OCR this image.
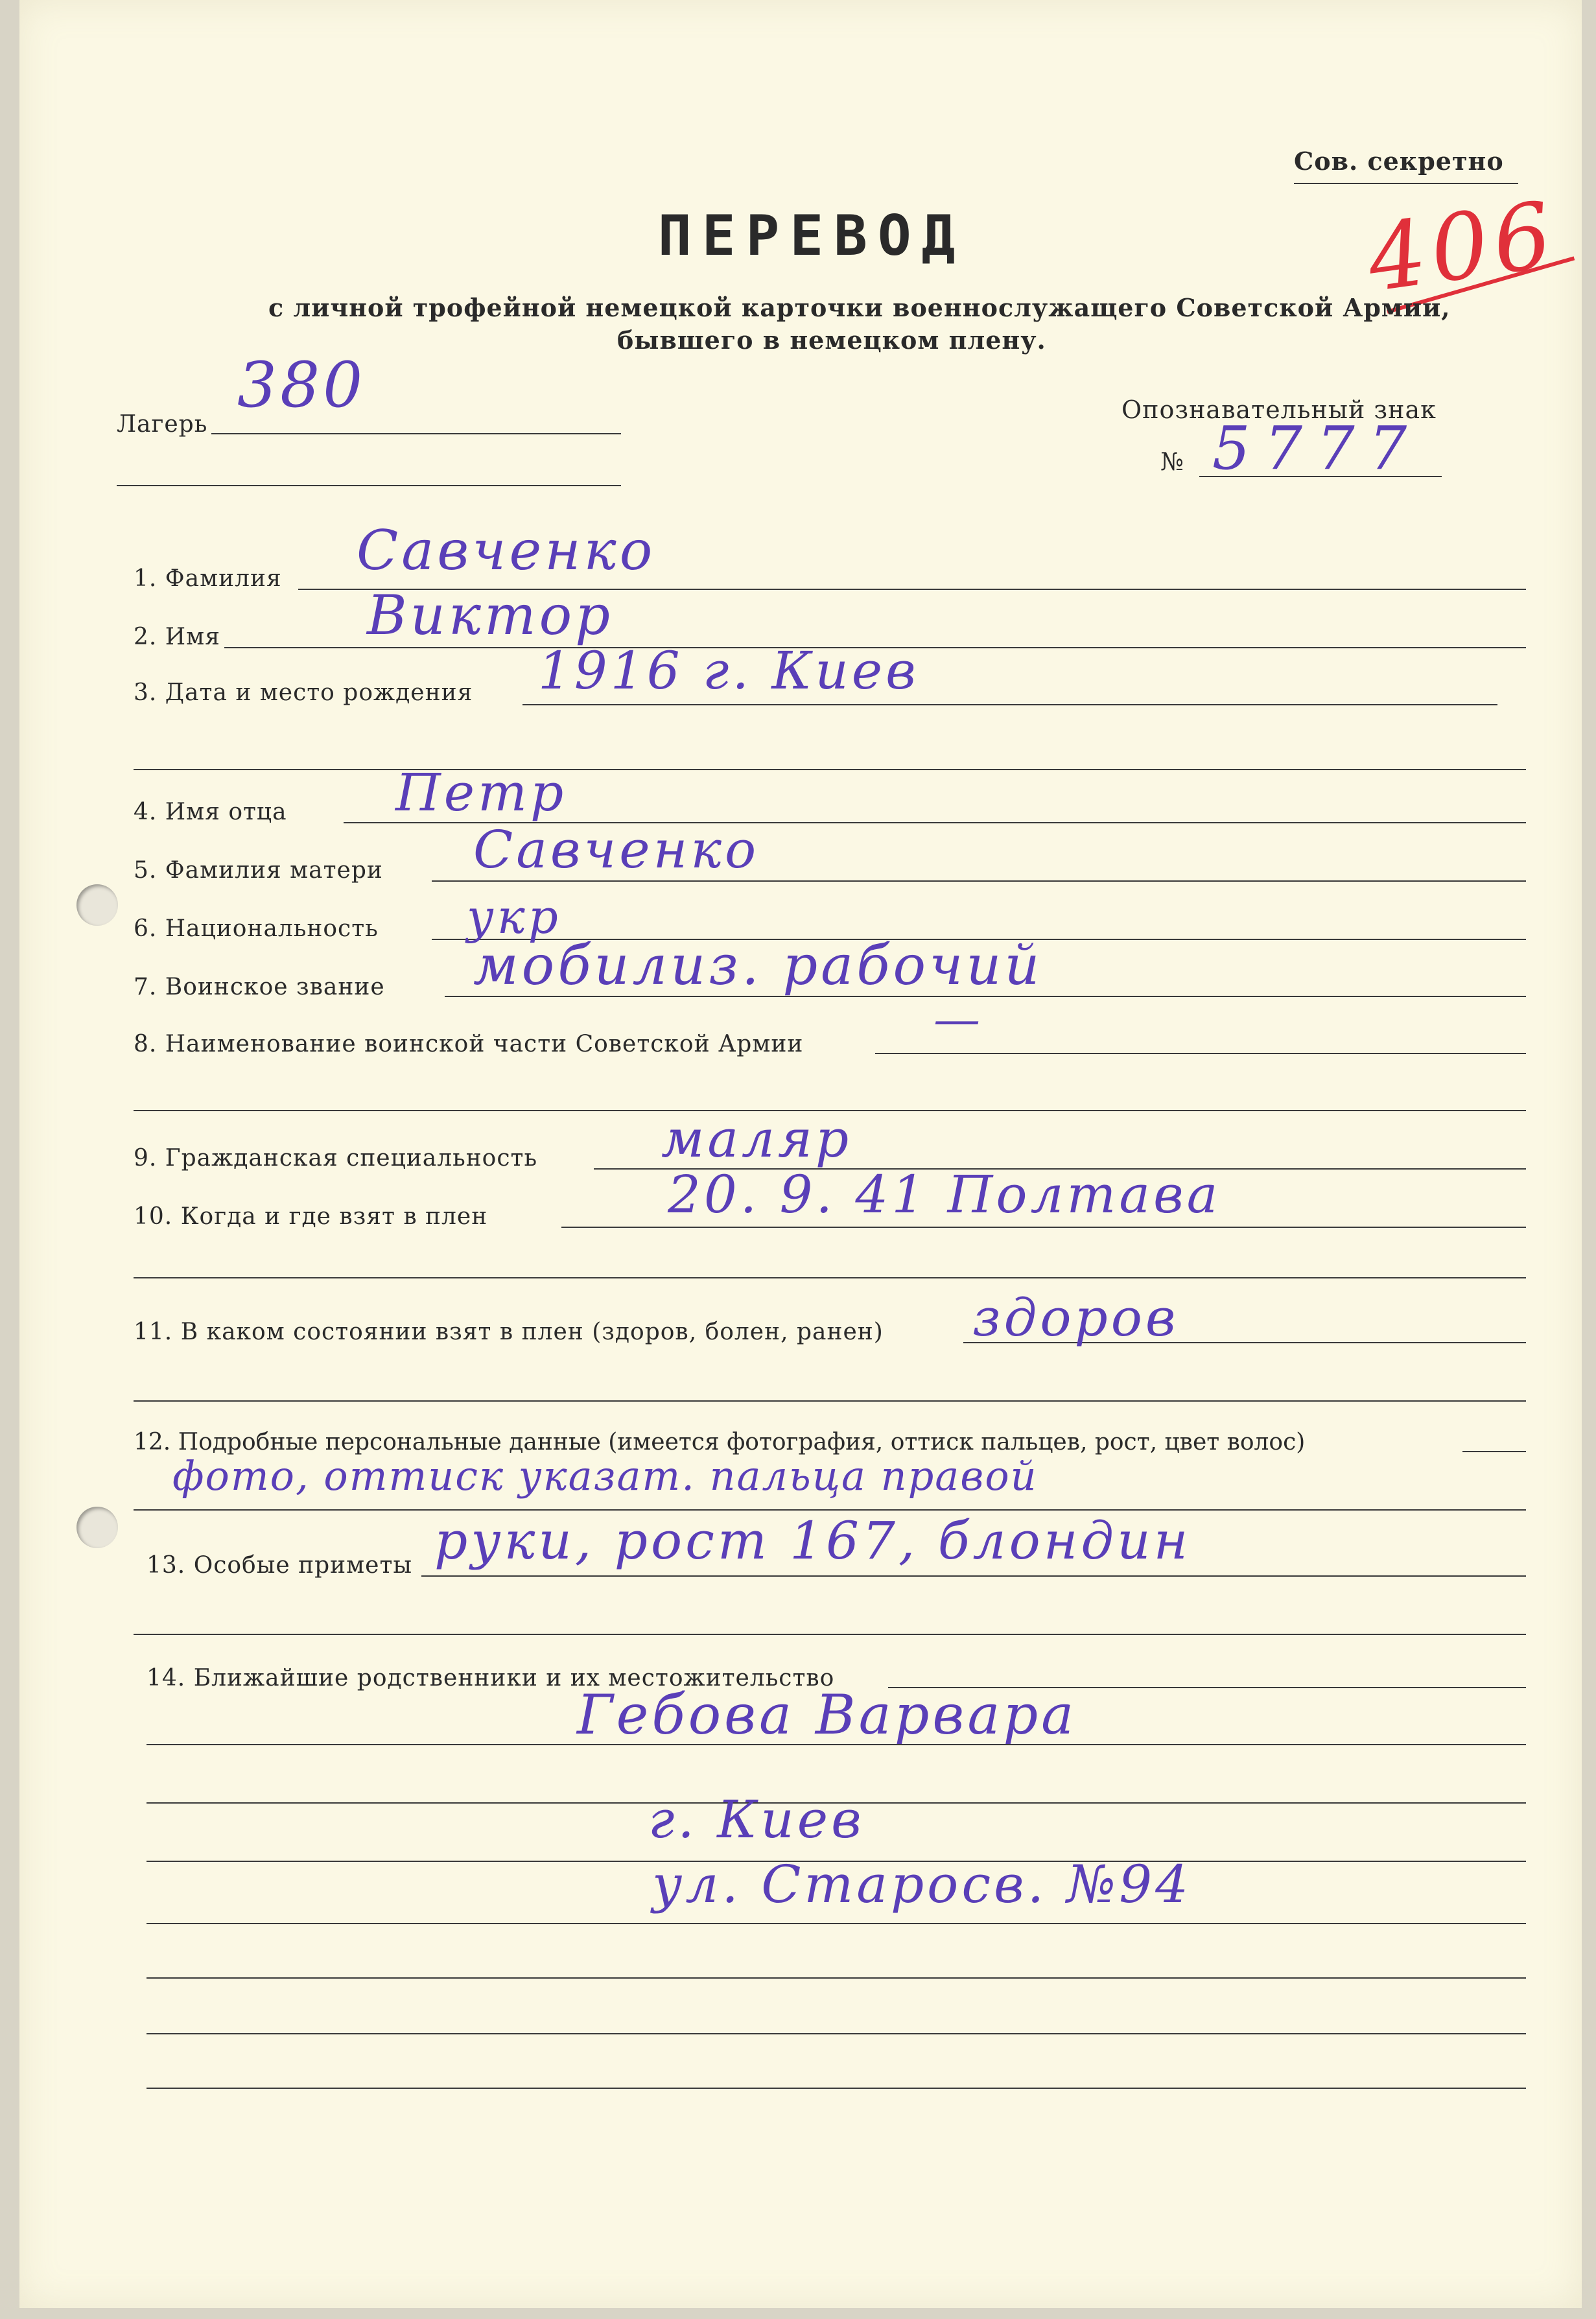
Сов. секретно
406
ПЕРЕВОД
с личной трофейной немецкой карточки военнослужащего Советской Армии,
бывшего в немецком плену.
380
Лагерь
Опознавательный знак
№ 5777
1. Фамилия Савченко
2. Имя	Виктор
3. Дата и место рождения 1916 г. Киев
4. Имя отца Петр
5. Фамилия матери Савченко
6. Национальность укр
7. Воинское звание мобилиз. рабочий
8. Наименование воинской части Советской Армии	—
9. Гражданская специальность маляр
10. Когда и где взят в плен	20. 9. 41 Полтава
11. В каком состоянии взят в плен (здоров, болен, ранен) здоров
12. Подробные персональные данные (имеется фотография, оттиск пальцев, рост, цвет волос)
фото, оттиск указат. пальца правой
13. Особые приметы руки, рост 167, блондин
14. Ближайшие родственники и их местожительство
Гебова Варвара
г. Киев
ул. Старосв. №94
